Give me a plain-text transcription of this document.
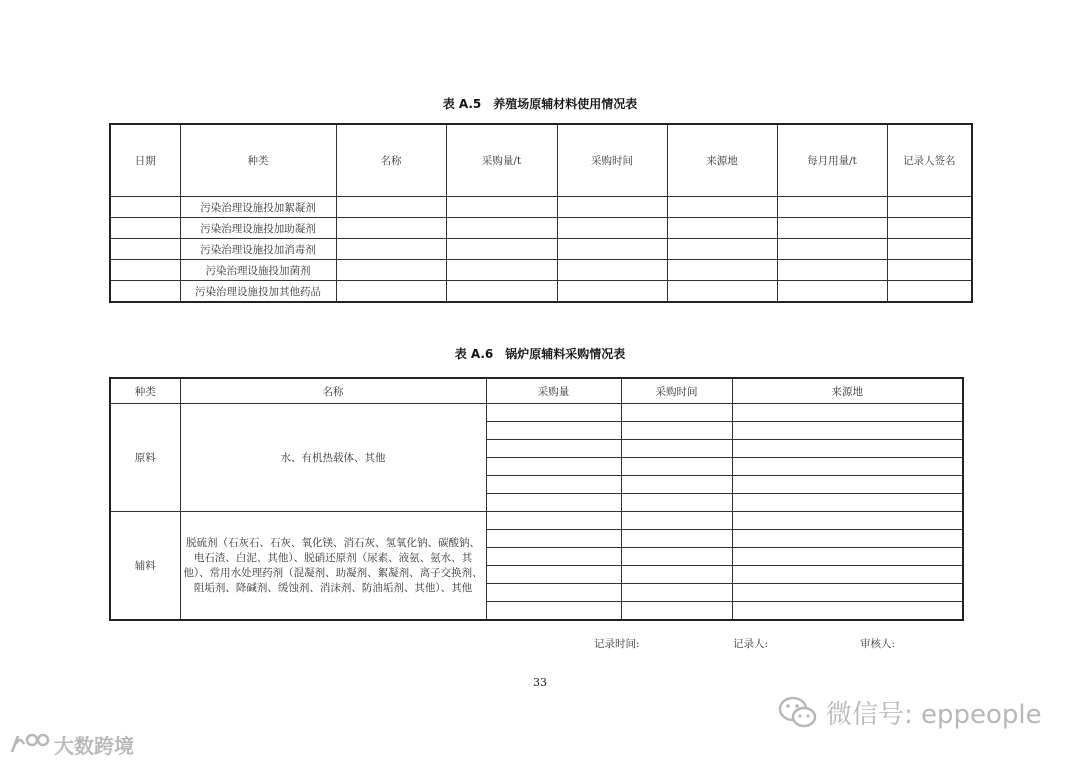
表 A.5　养殖场原辅材料使用情况表
日期	种类	名称	采购量/t	采购时间	来源地	每月用量/t	记录人签名
	污染治理设施投加絮凝剂						
	污染治理设施投加助凝剂						
	污染治理设施投加消毒剂						
	污染治理设施投加菌剂						
	污染治理设施投加其他药品						
表 A.6　锅炉原辅料采购情况表
种类	名称	采购量	采购时间	来源地
原料	水、有机热载体、其他			

辅料	脱硫剂（石灰石、石灰、氧化镁、消石灰、氢氧化钠、碳酸钠、电石渣、白泥、其他）、脱硝还原剂（尿素、液氨、氨水、其他）、常用水处理药剂（混凝剂、助凝剂、絮凝剂、离子交换剂、阻垢剂、降碱剂、缓蚀剂、消沫剂、防油垢剂、其他）、其他			

记录时间:	记录人:	审核人:
33
微信号: eppeople
大数跨境
